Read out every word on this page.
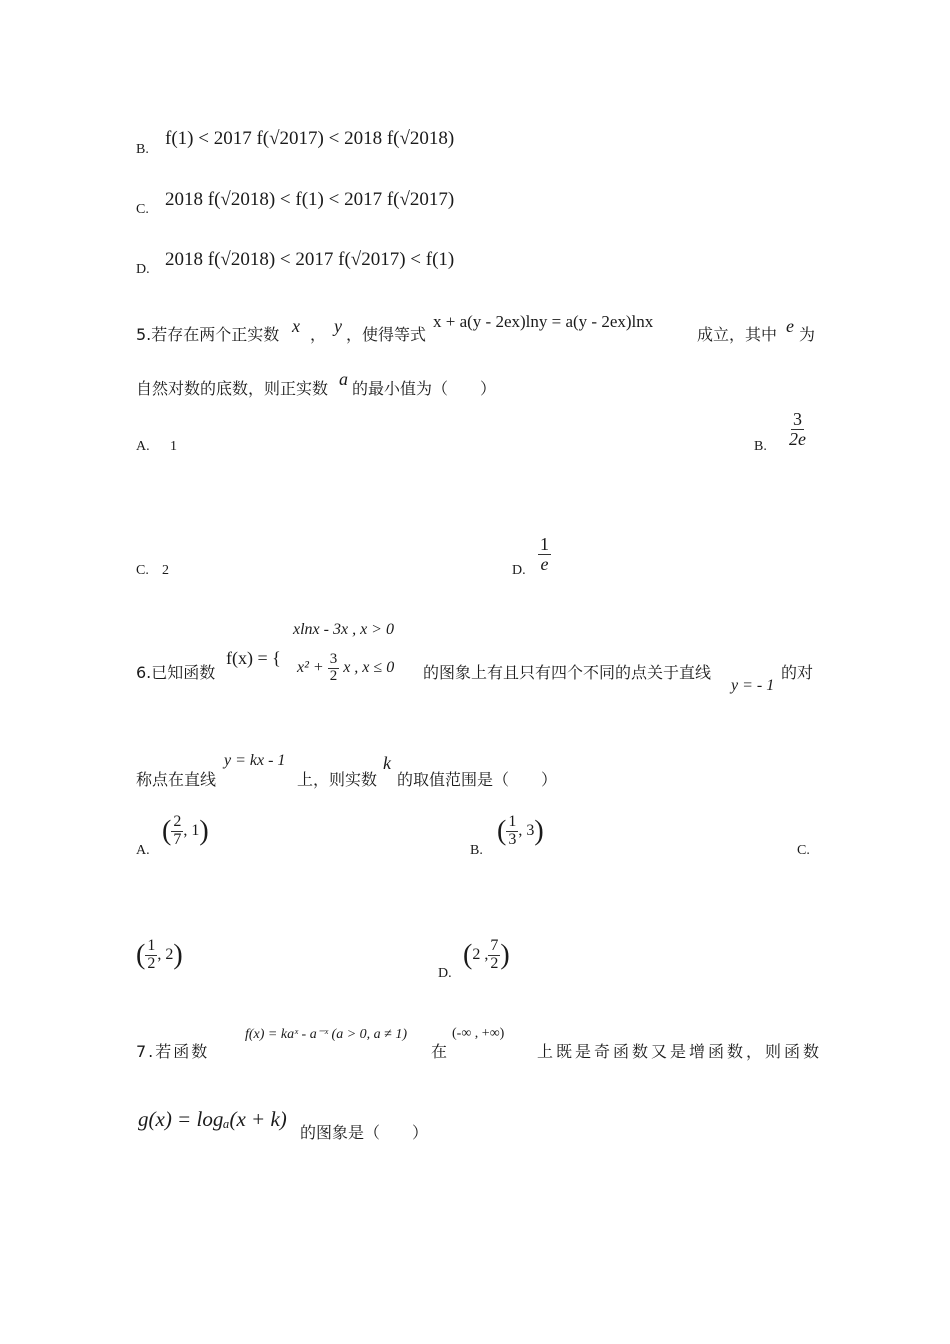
B.
f(1) < 2017 f(√2017) < 2018 f(√2018)
C. 2018 f(√2018) < f(1) < 2017 f(√2017)
D. 2018 f(√2018) < 2017 f(√2017) < f(1)
5.若存在两个正实数 x ， y ，使得等式
x + a(y - 2ex)lny = a(y - 2ex)lnx
成立，其中 e 为
自然对数的底数，则正实数 a 的最小值为（　　）
A. 1	B. $\frac{3}{2e}$
C. 2	D. $\frac{1}{e}$
6.已知函数
f(x) = {
xlnx - 3x , x > 0
$x^2 + \frac{3}{2}$ x , x ≤ 0 的图象上有且只有四个不同的点关于直线
y = - 1
的对
称点在直线
y = kx - 1
上，则实数
k
的取值范围是（　　）
A.
( $\frac{2}{7}$ , 1)
B.
( $\frac{1}{3}$ , 3)
C.
( $\frac{1}{2}$ , 2)
D.
(2 , $\frac{7}{2}$ )
7.若函数
f(x) = kaˣ - a⁻ˣ (a > 0, a ≠ 1)
在
(-∞ , +∞)
上既是奇函数又是增函数，则函数
g(x) = logₐ(x + k)
的图象是（　　）
